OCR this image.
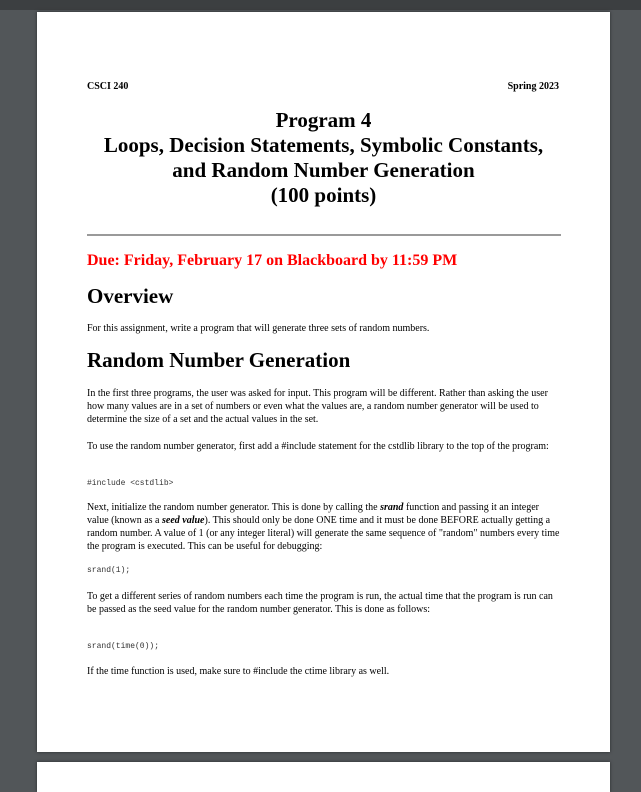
CSCI 240	Spring 2023
Program 4
Loops, Decision Statements, Symbolic Constants,
and Random Number Generation
(100 points)
Due: Friday, February 17 on Blackboard by 11:59 PM
Overview
For this assignment, write a program that will generate three sets of random numbers.
Random Number Generation
In the first three programs, the user was asked for input. This program will be different. Rather than asking the user how many values are in a set of numbers or even what the values are, a random number generator will be used to determine the size of a set and the actual values in the set.
To use the random number generator, first add a #include statement for the cstdlib library to the top of the program:
#include <cstdlib>
Next, initialize the random number generator. This is done by calling the srand function and passing it an integer value (known as a seed value). This should only be done ONE time and it must be done BEFORE actually getting a random number. A value of 1 (or any integer literal) will generate the same sequence of "random" numbers every time the program is executed. This can be useful for debugging:
srand(1);
To get a different series of random numbers each time the program is run, the actual time that the program is run can be passed as the seed value for the random number generator. This is done as follows:
srand(time(0));
If the time function is used, make sure to #include the ctime library as well.
